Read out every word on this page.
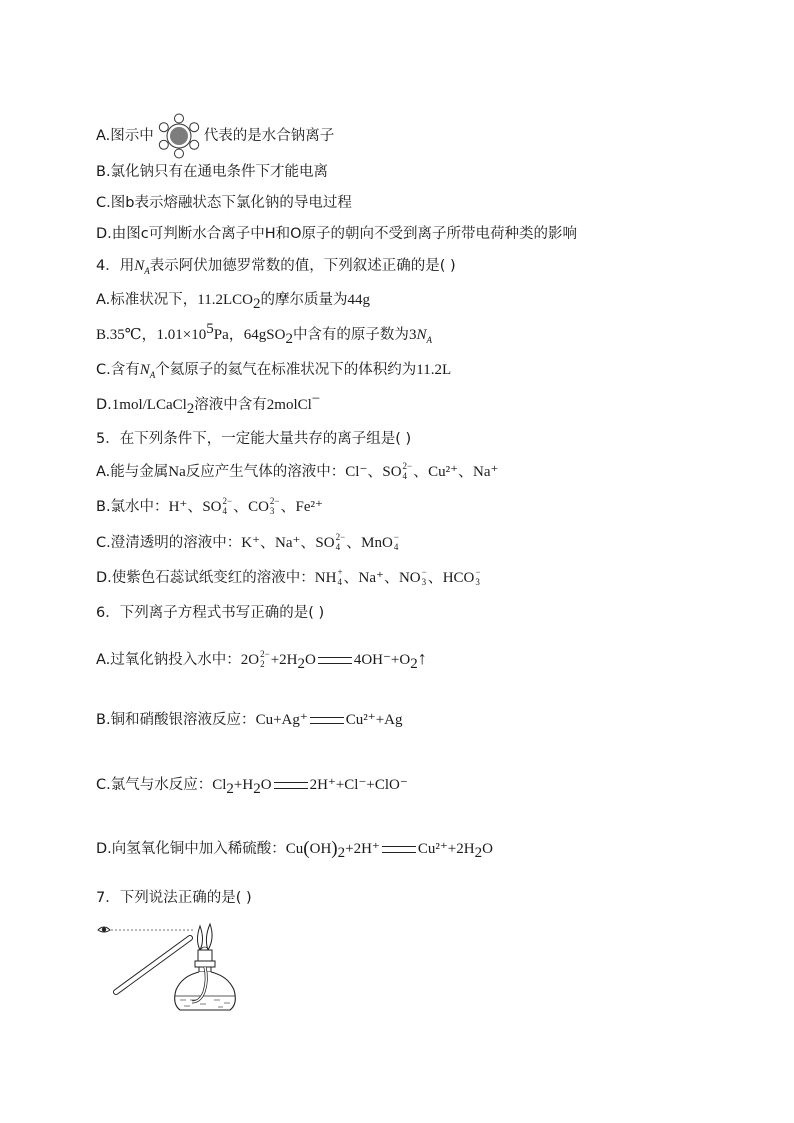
A.图示中	代表的是水合钠离子
B.氯化钠只有在通电条件下才能电离
C.图b表示熔融状态下氯化钠的导电过程
D.由图c可判断水合离子中H和O原子的朝向不受到离子所带电荷种类的影响
4．用$N_A$表示阿伏加德罗常数的值，下列叙述正确的是( )
A.标准状况下，$11.2LCO_2$的摩尔质量为44g
B.35℃，$1.01\times 10^5Pa$，64gSO$_2$中含有的原子数为$3N_A$
C.含有$N_A$个氦原子的氦气在标准状况下的体积约为11.2L
D.1mol/LCaCl$_2$溶液中含有2molCl−
5．在下列条件下，一定能大量共存的离子组是( )
A.能与金属Na反应产生气体的溶液中：Cl⁻、SO 2−
4 、Cu²⁺、Na⁺
B.氯水中：H⁺、SO 2−
4 、CO 2−
3 、Fe²⁺
C.澄清透明的溶液中：K⁺、Na⁺、SO 2−
4 、MnO −
4
D.使紫色石蕊试纸变红的溶液中：NH +
4 、Na⁺、NO −
3 、HCO −
3
6．下列离子方程式书写正确的是( )
A.过氧化钠投入水中：2O 2−
$2 +2H_2O$	$4OH^-+O_2↑$
B.铜和硝酸银溶液反应：Cu+Ag⁺	Cu²⁺+Ag
C.氯气与水反应：$Cl_2+H_2O$	2H⁺+Cl⁻+ClO⁻
D.向氢氧化铜中加入稀硫酸：$Cu(OH)_2+2H^+$	$Cu^{2+}+2H_2O$
7．下列说法正确的是( )
